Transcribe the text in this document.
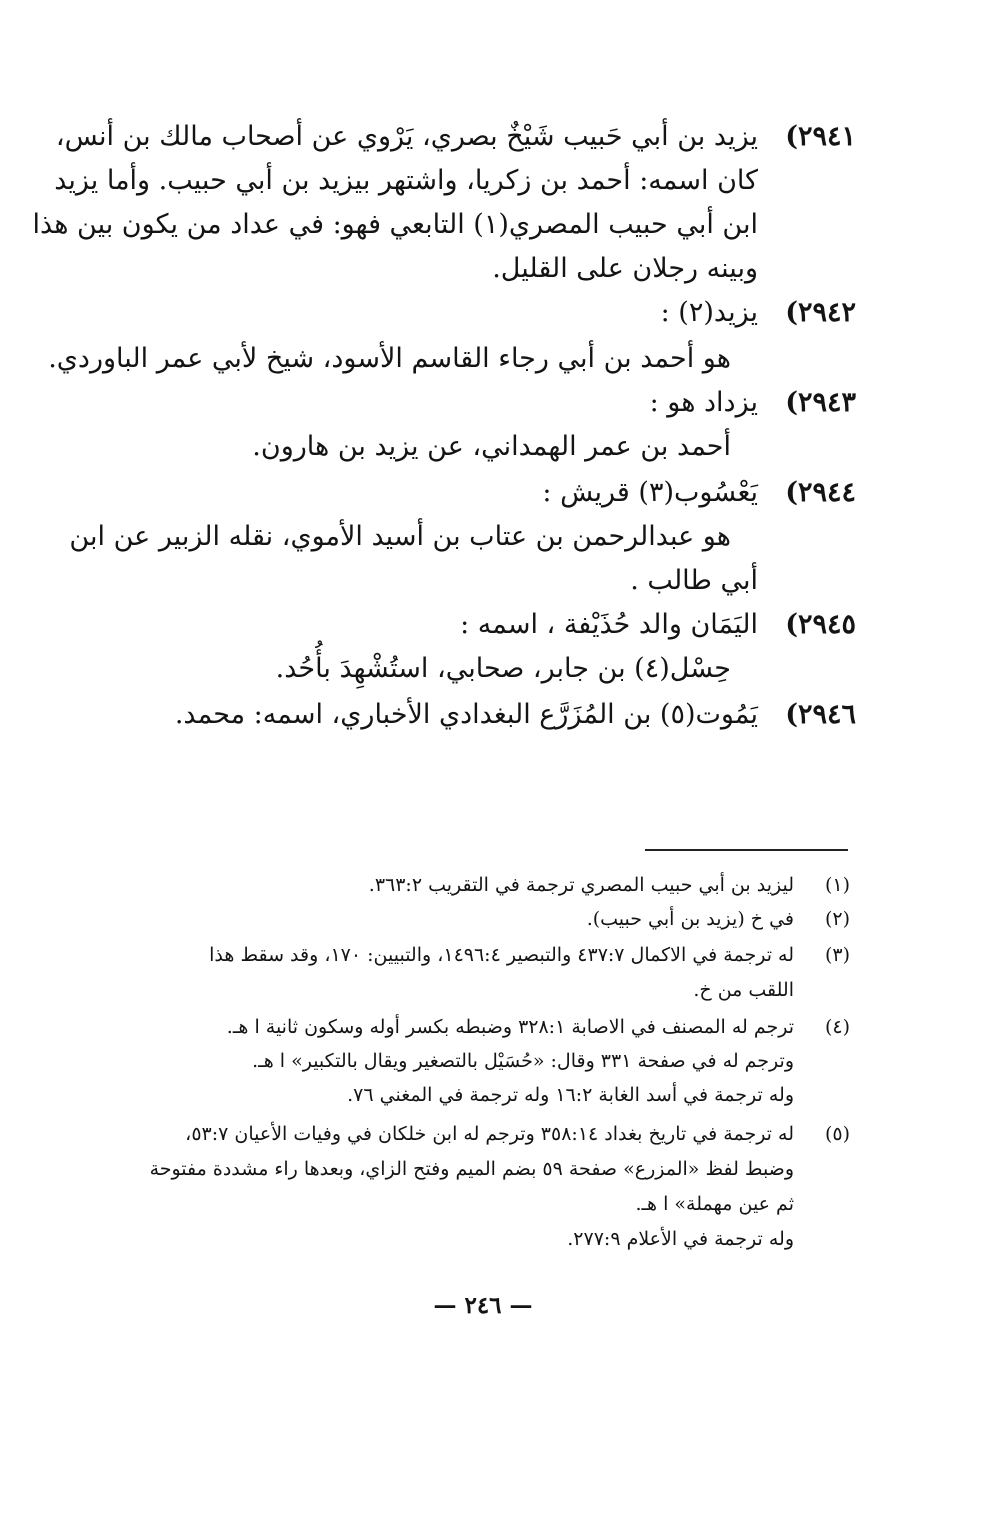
٢٩٤١)
يزيد بن أبي حَبيب شَيْخٌ بصري، يَرْوي عن أصحاب مالك بن أنس،
كان اسمه: أحمد بن زكريا، واشتهر بيزيد بن أبي حبيب. وأما يزيد
ابن أبي حبيب المصري(١) التابعي فهو: في عداد من يكون بين هذا
وبينه رجلان على القليل.
٢٩٤٢)
يزيد(٢) :
هو أحمد بن أبي رجاء القاسم الأسود، شيخ لأبي عمر الباوردي.
٢٩٤٣)
يزداد هو :
أحمد بن عمر الهمداني، عن يزيد بن هارون.
٢٩٤٤)
يَعْسُوب(٣) قريش :
هو عبدالرحمن بن عتاب بن أسيد الأموي، نقله الزبير عن ابن
أبي طالب .
٢٩٤٥)
اليَمَان والد حُذَيْفة ، اسمه :
حِسْل(٤) بن جابر، صحابي، استُشْهِدَ بأُحُد.
٢٩٤٦)
يَمُوت(٥) بن المُزَرَّع البغدادي الأخباري، اسمه: محمد.
(١)
ليزيد بن أبي حبيب المصري ترجمة في التقريب ٣٦٣:٢.
(٢)
في خ (يزيد بن أبي حبيب).
(٣)
له ترجمة في الاكمال ٤٣٧:٧ والتبصير ١٤٩٦:٤، والتبيين: ١٧٠، وقد سقط هذا
اللقب من خ.
(٤)
ترجم له المصنف في الاصابة ٣٢٨:١ وضبطه بكسر أوله وسكون ثانية ا هـ.
وترجم له في صفحة ٣٣١ وقال: «حُسَيْل بالتصغير ويقال بالتكبير» ا هـ.
وله ترجمة في أسد الغابة ١٦:٢ وله ترجمة في المغني ٧٦.
(٥)
له ترجمة في تاريخ بغداد ٣٥٨:١٤ وترجم له ابن خلكان في وفيات الأعيان ٥٣:٧،
وضبط لفظ «المزرع» صفحة ٥٩ بضم الميم وفتح الزاي، وبعدها راء مشددة مفتوحة
ثم عين مهملة» ا هـ.
وله ترجمة في الأعلام ٢٧٧:٩.
— ٢٤٦ —
